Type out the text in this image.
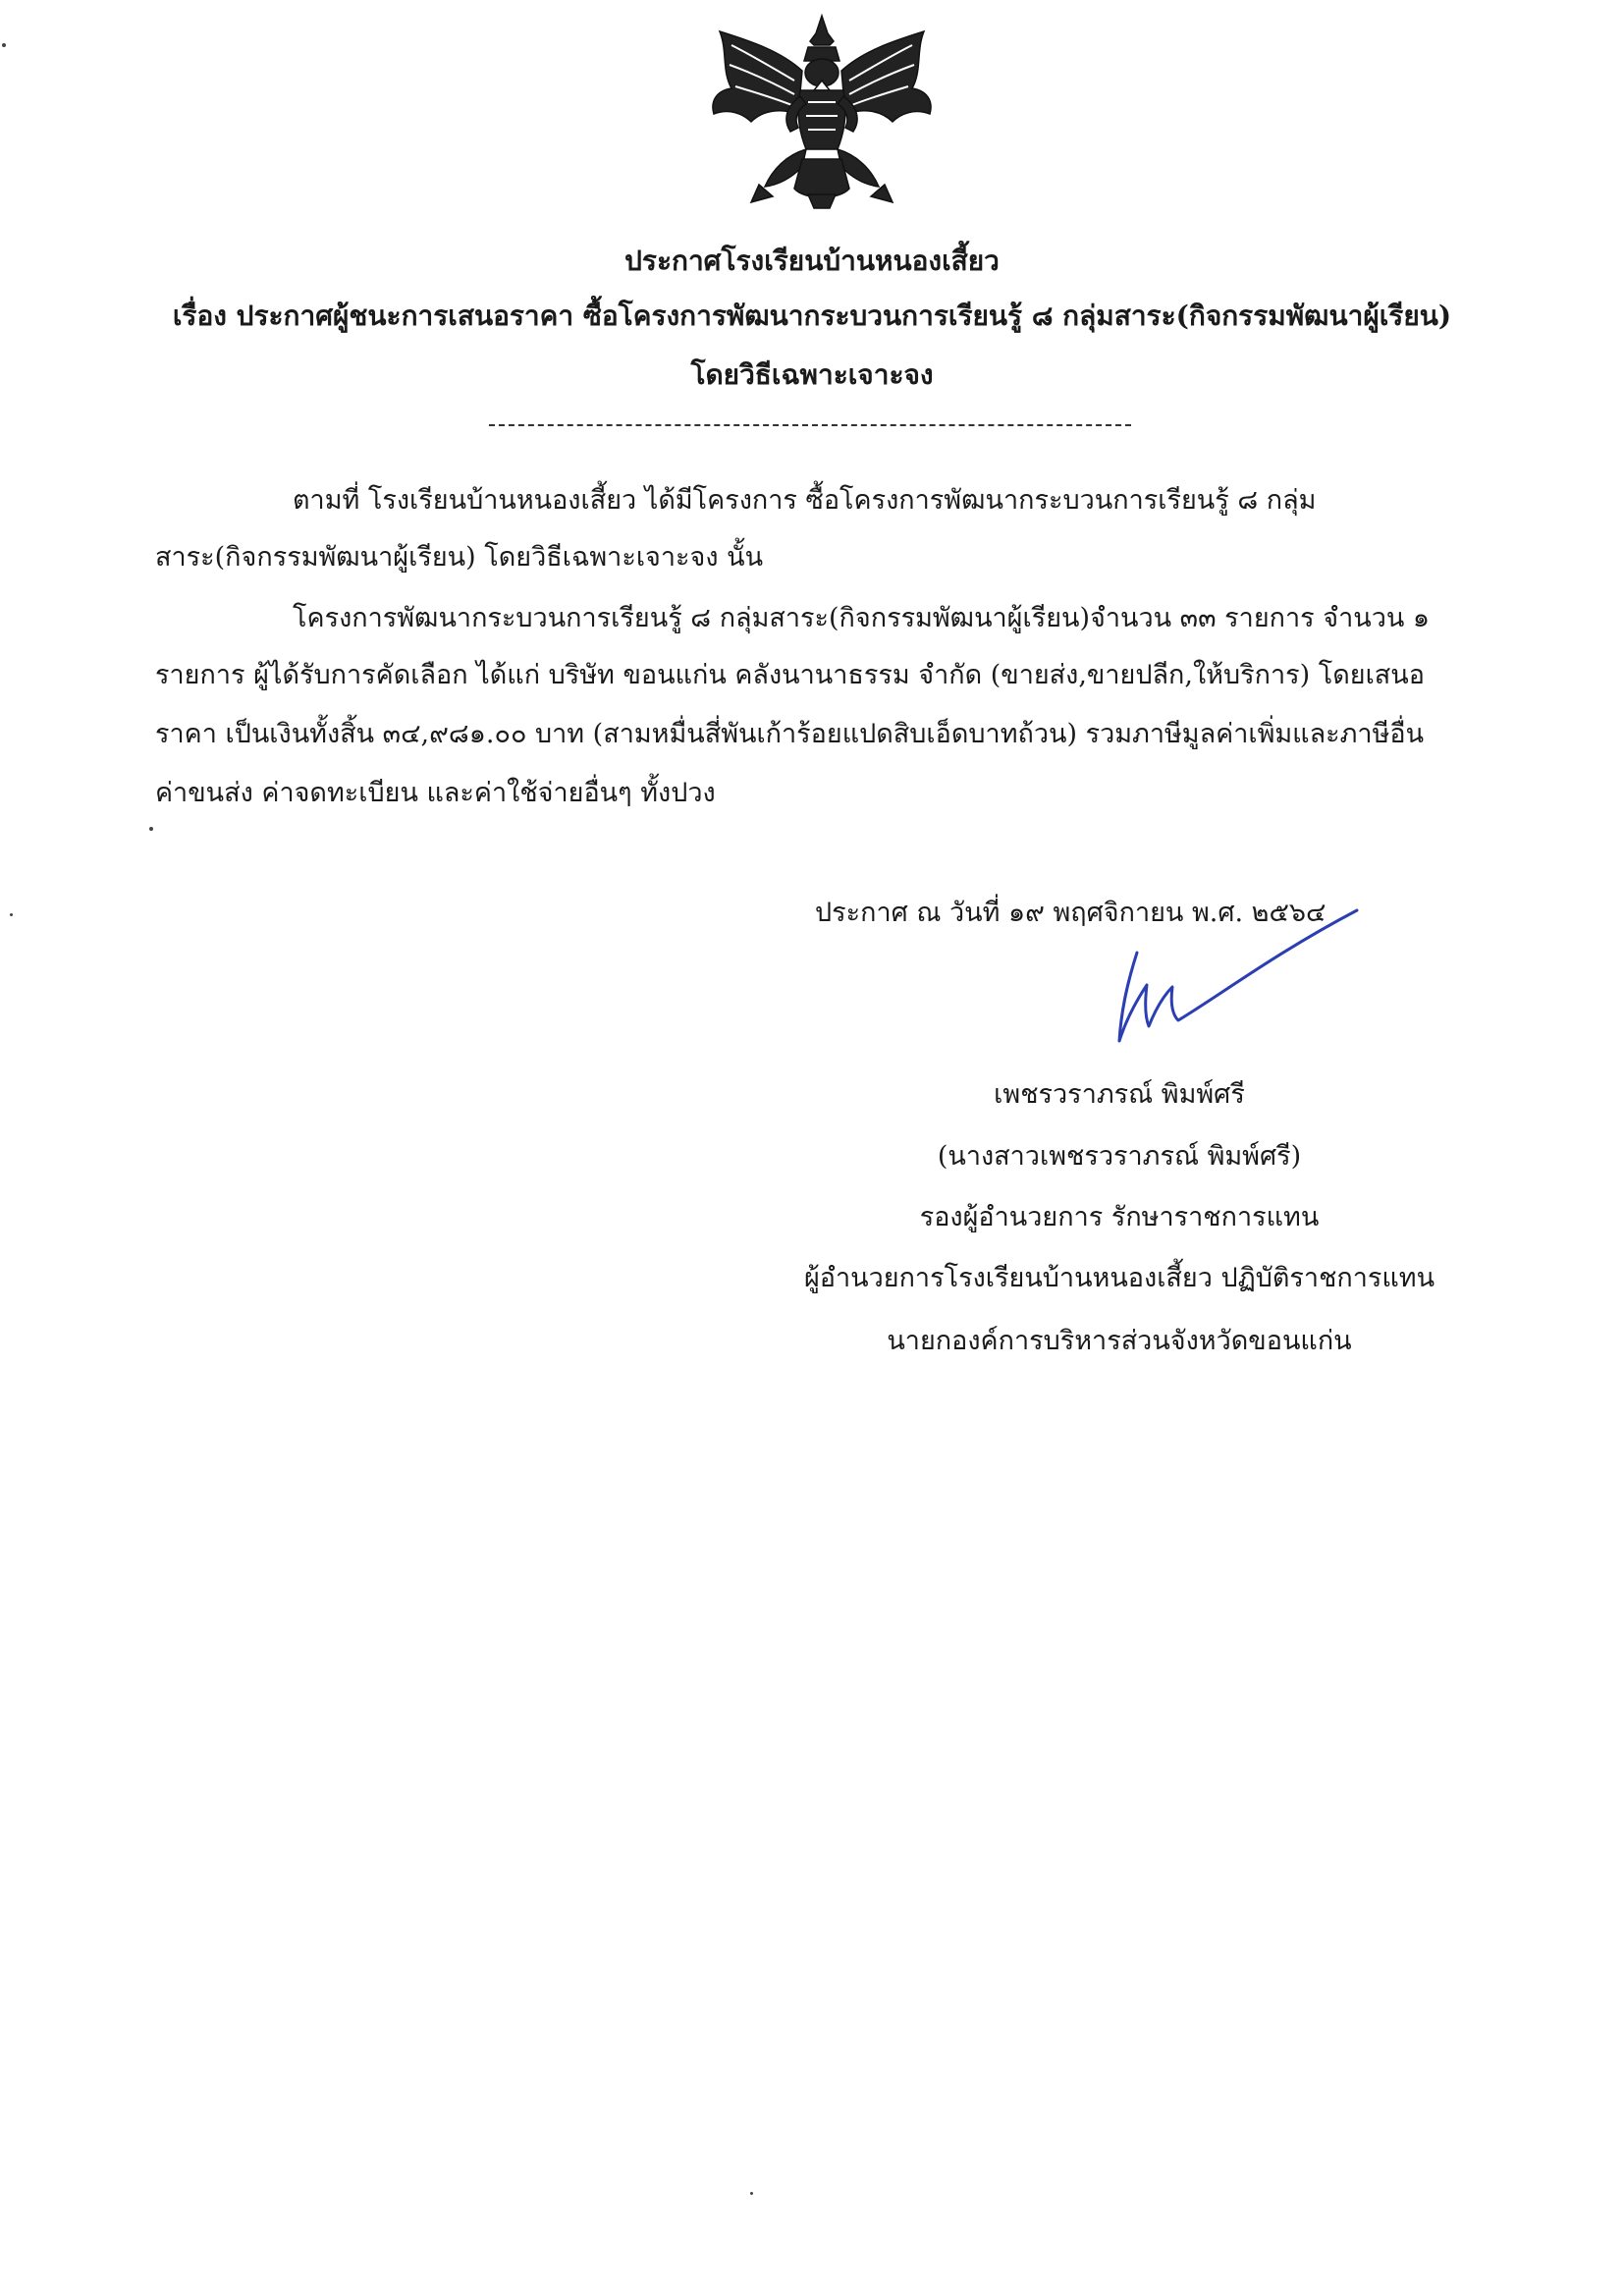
ประกาศโรงเรียนบ้านหนองเสี้ยว
เรื่อง ประกาศผู้ชนะการเสนอราคา ซื้อโครงการพัฒนากระบวนการเรียนรู้ ๘ กลุ่มสาระ(กิจกรรมพัฒนาผู้เรียน)
โดยวิธีเฉพาะเจาะจง
ตามที่ โรงเรียนบ้านหนองเสี้ยว ได้มีโครงการ ซื้อโครงการพัฒนากระบวนการเรียนรู้ ๘ กลุ่ม
สาระ(กิจกรรมพัฒนาผู้เรียน) โดยวิธีเฉพาะเจาะจง นั้น
โครงการพัฒนากระบวนการเรียนรู้ ๘ กลุ่มสาระ(กิจกรรมพัฒนาผู้เรียน)จำนวน ๓๓ รายการ จำนวน ๑
รายการ ผู้ได้รับการคัดเลือก ได้แก่ บริษัท ขอนแก่น คลังนานาธรรม จำกัด (ขายส่ง,ขายปลีก,ให้บริการ) โดยเสนอ
ราคา เป็นเงินทั้งสิ้น ๓๔,๙๘๑.๐๐ บาท (สามหมื่นสี่พันเก้าร้อยแปดสิบเอ็ดบาทถ้วน) รวมภาษีมูลค่าเพิ่มและภาษีอื่น
ค่าขนส่ง ค่าจดทะเบียน และค่าใช้จ่ายอื่นๆ ทั้งปวง
ประกาศ ณ วันที่ ๑๙ พฤศจิกายน พ.ศ. ๒๕๖๔
เพชรวราภรณ์ พิมพ์ศรี
(นางสาวเพชรวราภรณ์ พิมพ์ศรี)
รองผู้อำนวยการ รักษาราชการแทน
ผู้อำนวยการโรงเรียนบ้านหนองเสี้ยว ปฏิบัติราชการแทน
นายกองค์การบริหารส่วนจังหวัดขอนแก่น
